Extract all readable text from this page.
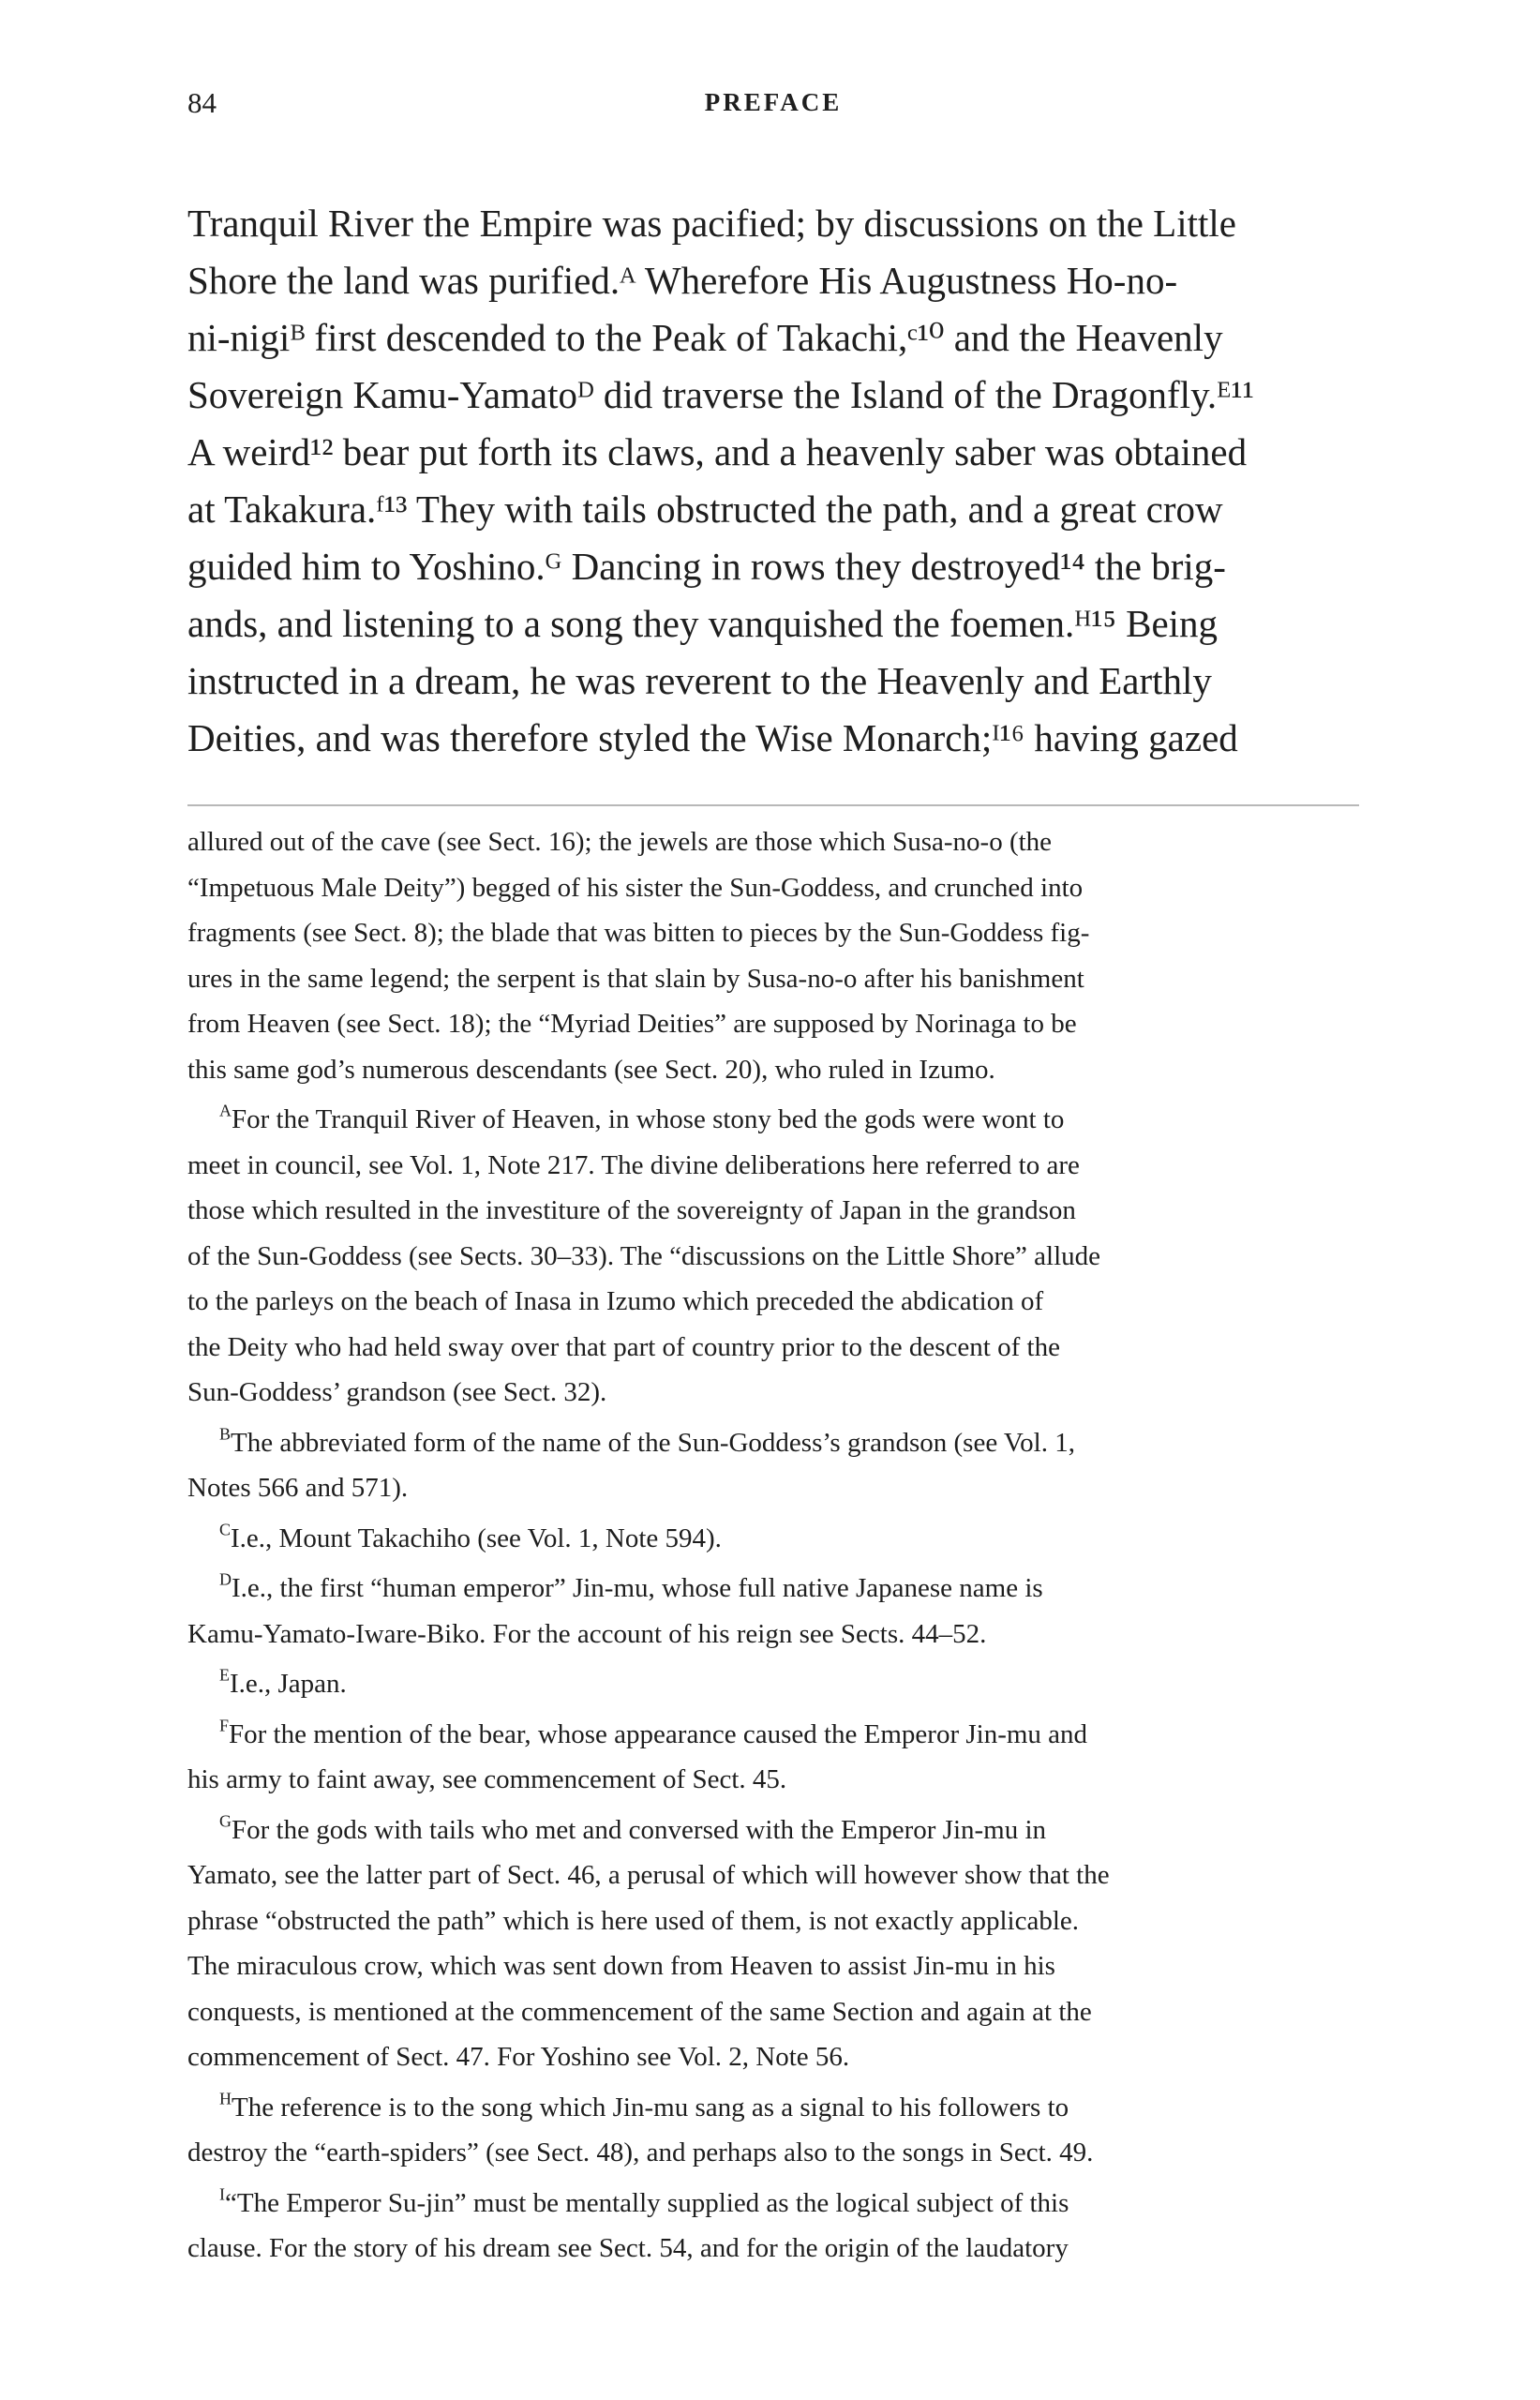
84	PREFACE

Tranquil River the Empire was pacified; by discussions on the Little
Shore the land was purified.ᴬ Wherefore His Augustness Ho-no-
ni-nigiᴮ first descended to the Peak of Takachi,ᶜ¹⁰ and the Heavenly
Sovereign Kamu-Yamatoᴰ did traverse the Island of the Dragonfly.ᴱ¹¹
A weird¹² bear put forth its claws, and a heavenly saber was obtained
at Takakura.ᶠ¹³ They with tails obstructed the path, and a great crow
guided him to Yoshino.ᴳ Dancing in rows they destroyed¹⁴ the brig-
ands, and listening to a song they vanquished the foemen.ᴴ¹⁵ Being
instructed in a dream, he was reverent to the Heavenly and Earthly
Deities, and was therefore styled the Wise Monarch;ᴵ¹⁶ having gazed

allured out of the cave (see Sect. 16); the jewels are those which Susa-no-o (the
“Impetuous Male Deity”) begged of his sister the Sun-Goddess, and crunched into
fragments (see Sect. 8); the blade that was bitten to pieces by the Sun-Goddess fig-
ures in the same legend; the serpent is that slain by Susa-no-o after his banishment
from Heaven (see Sect. 18); the “Myriad Deities” are supposed by Norinaga to be
this same god’s numerous descendants (see Sect. 20), who ruled in Izumo.
$^A$For the Tranquil River of Heaven, in whose stony bed the gods were wont to
meet in council, see Vol. 1, Note 217. The divine deliberations here referred to are
those which resulted in the investiture of the sovereignty of Japan in the grandson
of the Sun-Goddess (see Sects. 30–33). The “discussions on the Little Shore” allude
to the parleys on the beach of Inasa in Izumo which preceded the abdication of
the Deity who had held sway over that part of country prior to the descent of the
Sun-Goddess’ grandson (see Sect. 32).
$^B$The abbreviated form of the name of the Sun-Goddess’s grandson (see Vol. 1,
Notes 566 and 571).
$^C$I.e., Mount Takachiho (see Vol. 1, Note 594).
$^D$I.e., the first “human emperor” Jin-mu, whose full native Japanese name is
Kamu-Yamato-Iware-Biko. For the account of his reign see Sects. 44–52.
$^E$I.e., Japan.
$^F$For the mention of the bear, whose appearance caused the Emperor Jin-mu and
his army to faint away, see commencement of Sect. 45.
$^G$For the gods with tails who met and conversed with the Emperor Jin-mu in
Yamato, see the latter part of Sect. 46, a perusal of which will however show that the
phrase “obstructed the path” which is here used of them, is not exactly applicable.
The miraculous crow, which was sent down from Heaven to assist Jin-mu in his
conquests, is mentioned at the commencement of the same Section and again at the
commencement of Sect. 47. For Yoshino see Vol. 2, Note 56.
$^H$The reference is to the song which Jin-mu sang as a signal to his followers to
destroy the “earth-spiders” (see Sect. 48), and perhaps also to the songs in Sect. 49.
$^I$“The Emperor Su-jin” must be mentally supplied as the logical subject of this
clause. For the story of his dream see Sect. 54, and for the origin of the laudatory
